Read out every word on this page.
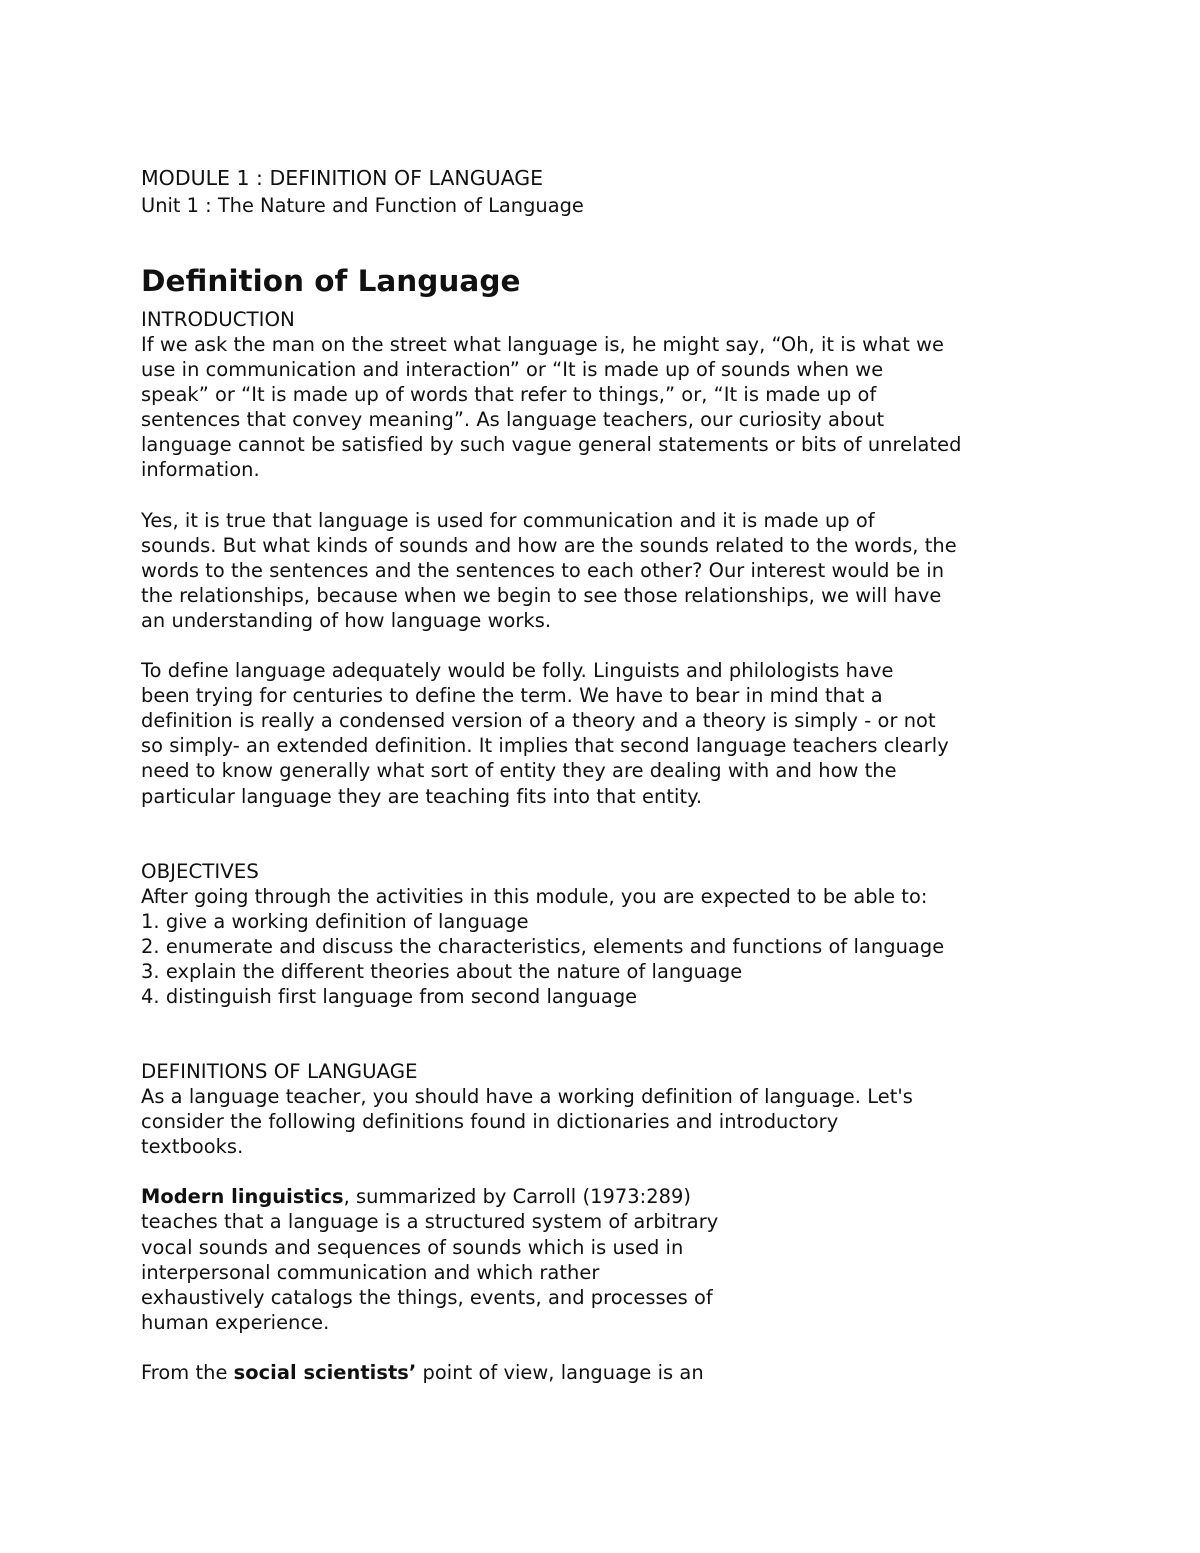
MODULE 1 : DEFINITION OF LANGUAGE
Unit 1 : The Nature and Function of Language
Definition of Language
INTRODUCTION
If we ask the man on the street what language is, he might say, “Oh, it is what we
use in communication and interaction” or “It is made up of sounds when we
speak” or “It is made up of words that refer to things,” or, “It is made up of
sentences that convey meaning”. As language teachers, our curiosity about
language cannot be satisfied by such vague general statements or bits of unrelated
information.
Yes, it is true that language is used for communication and it is made up of
sounds. But what kinds of sounds and how are the sounds related to the words, the
words to the sentences and the sentences to each other? Our interest would be in
the relationships, because when we begin to see those relationships, we will have
an understanding of how language works.
To define language adequately would be folly. Linguists and philologists have
been trying for centuries to define the term. We have to bear in mind that a
definition is really a condensed version of a theory and a theory is simply - or not
so simply- an extended definition. It implies that second language teachers clearly
need to know generally what sort of entity they are dealing with and how the
particular language they are teaching fits into that entity.
OBJECTIVES
After going through the activities in this module, you are expected to be able to:
1. give a working definition of language
2. enumerate and discuss the characteristics, elements and functions of language
3. explain the different theories about the nature of language
4. distinguish first language from second language
DEFINITIONS OF LANGUAGE
As a language teacher, you should have a working definition of language. Let's
consider the following definitions found in dictionaries and introductory
textbooks.
Modern linguistics, summarized by Carroll (1973:289)
teaches that a language is a structured system of arbitrary
vocal sounds and sequences of sounds which is used in
interpersonal communication and which rather
exhaustively catalogs the things, events, and processes of
human experience.
From the social scientists’ point of view, language is an
